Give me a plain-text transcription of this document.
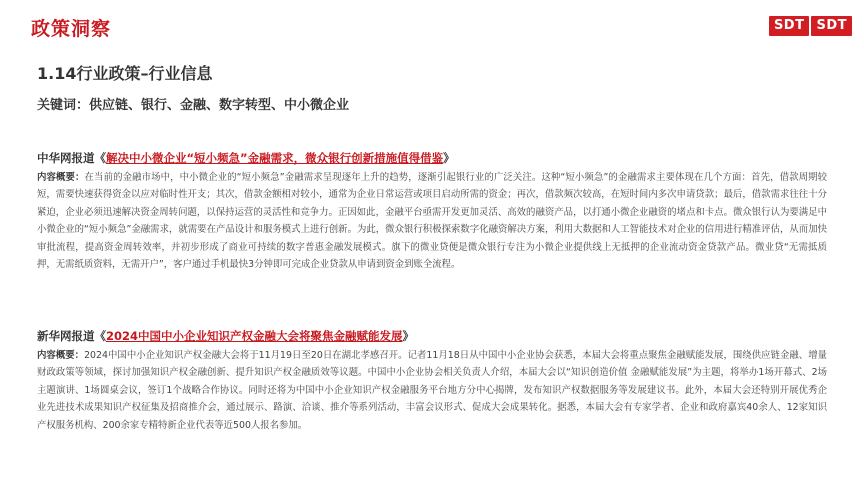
政策洞察	SDT SDT
1.14行业政策–行业信息
关键词：供应链、银行、金融、数字转型、中小微企业
中华网报道《解决中小微企业“短小频急”金融需求，微众银行创新措施值得借鉴》
内容概要：在当前的金融市场中，中小微企业的“短小频急”金融需求呈现逐年上升的趋势，逐渐引起银行业的广泛关注。这种“短小频急”的金融需求主要体现在几个方面：首先，借款周期较短，需要快速获得资金以应对临时性开支；其次，借款金额相对较小，通常为企业日常运营或项目启动所需的资金；再次，借款频次较高，在短时间内多次申请贷款；最后，借款需求往往十分紧迫，企业必须迅速解决资金周转问题，以保持运营的灵活性和竞争力。正因如此，金融平台亟需开发更加灵活、高效的融资产品，以打通小微企业融资的堵点和卡点。微众银行认为要满足中小微企业的“短小频急”金融需求，就需要在产品设计和服务模式上进行创新。为此，微众银行积极探索数字化融资解决方案，利用大数据和人工智能技术对企业的信用进行精准评估，从而加快审批流程，提高资金周转效率，并初步形成了商业可持续的数字普惠金融发展模式。旗下的微业贷便是微众银行专注为小微企业提供线上无抵押的企业流动资金贷款产品。微业贷“无需抵质押，无需纸质资料，无需开户”，客户通过手机最快3分钟即可完成企业贷款从申请到资金到账全流程。
新华网报道《2024中国中小企业知识产权金融大会将聚焦金融赋能发展》
内容概要：2024中国中小企业知识产权金融大会将于11月19日至20日在湖北孝感召开。记者11月18日从中国中小企业协会获悉，本届大会将重点聚焦金融赋能发展，围绕供应链金融、增量财政政策等领域，探讨加强知识产权金融创新、提升知识产权金融质效等议题。中国中小企业协会相关负责人介绍，本届大会以“知识创造价值 金融赋能发展”为主题，将举办1场开幕式、2场主题演讲、1场圆桌会议，签订1个战略合作协议。同时还将为中国中小企业知识产权金融服务平台地方分中心揭牌，发布知识产权数据服务等发展建议书。此外，本届大会还特别开展优秀企业先进技术成果知识产权征集及招商推介会，通过展示、路演、洽谈、推介等系列活动，丰富会议形式、促成大会成果转化。据悉，本届大会有专家学者、企业和政府嘉宾40余人、12家知识产权服务机构、200余家专精特新企业代表等近500人报名参加。
